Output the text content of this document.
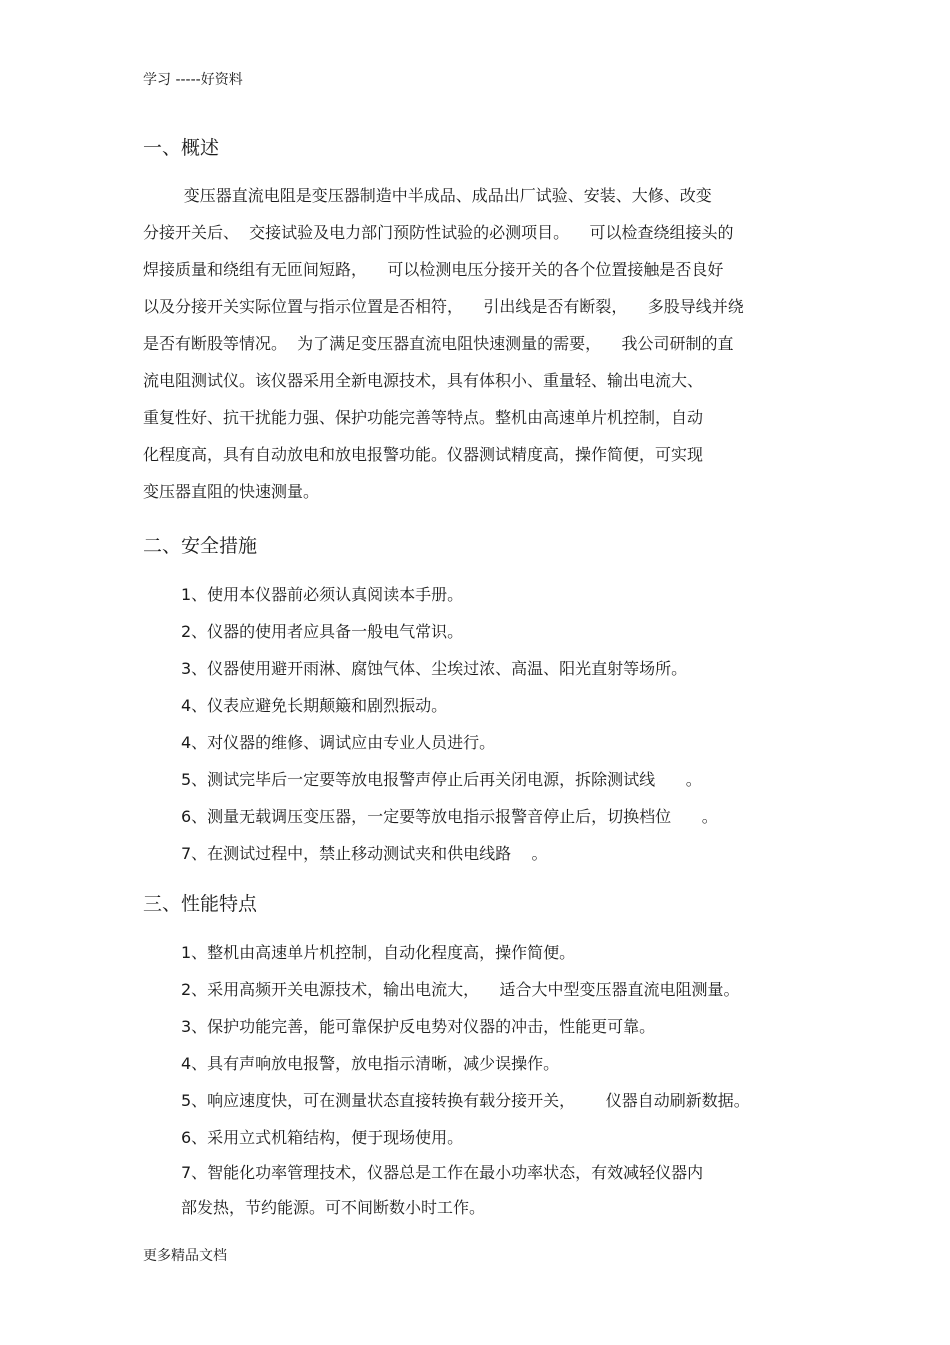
学习 -----好资料
一、概述
变压器直流电阻是变压器制造中半成品、成品出厂试验、安装、大修、改变
分接开关后、  交接试验及电力部门预防性试验的必测项目。    可以检查绕组接头的
焊接质量和绕组有无匝间短路，    可以检测电压分接开关的各个位置接触是否良好
以及分接开关实际位置与指示位置是否相符，    引出线是否有断裂，    多股导线并绕
是否有断股等情况。  为了满足变压器直流电阻快速测量的需要，    我公司研制的直
流电阻测试仪。该仪器采用全新电源技术，具有体积小、重量轻、输出电流大、
重复性好、抗干扰能力强、保护功能完善等特点。整机由高速单片机控制，自动
化程度高，具有自动放电和放电报警功能。仪器测试精度高，操作简便，可实现
变压器直阻的快速测量。
二、安全措施
1、使用本仪器前必须认真阅读本手册。
2、仪器的使用者应具备一般电气常识。
3、仪器使用避开雨淋、腐蚀气体、尘埃过浓、高温、阳光直射等场所。
4、仪表应避免长期颠簸和剧烈振动。
4、对仪器的维修、调试应由专业人员进行。
5、测试完毕后一定要等放电报警声停止后再关闭电源，拆除测试线      。
6、测量无载调压变压器，一定要等放电指示报警音停止后，切换档位      。
7、在测试过程中，禁止移动测试夹和供电线路    。
三、性能特点
1、整机由高速单片机控制，自动化程度高，操作简便。
2、采用高频开关电源技术，输出电流大，    适合大中型变压器直流电阻测量。
3、保护功能完善，能可靠保护反电势对仪器的冲击，性能更可靠。
4、具有声响放电报警，放电指示清晰，减少误操作。
5、响应速度快，可在测量状态直接转换有载分接开关，      仪器自动刷新数据。
6、采用立式机箱结构，便于现场使用。
7、智能化功率管理技术，仪器总是工作在最小功率状态，有效减轻仪器内
部发热，节约能源。可不间断数小时工作。
更多精品文档
